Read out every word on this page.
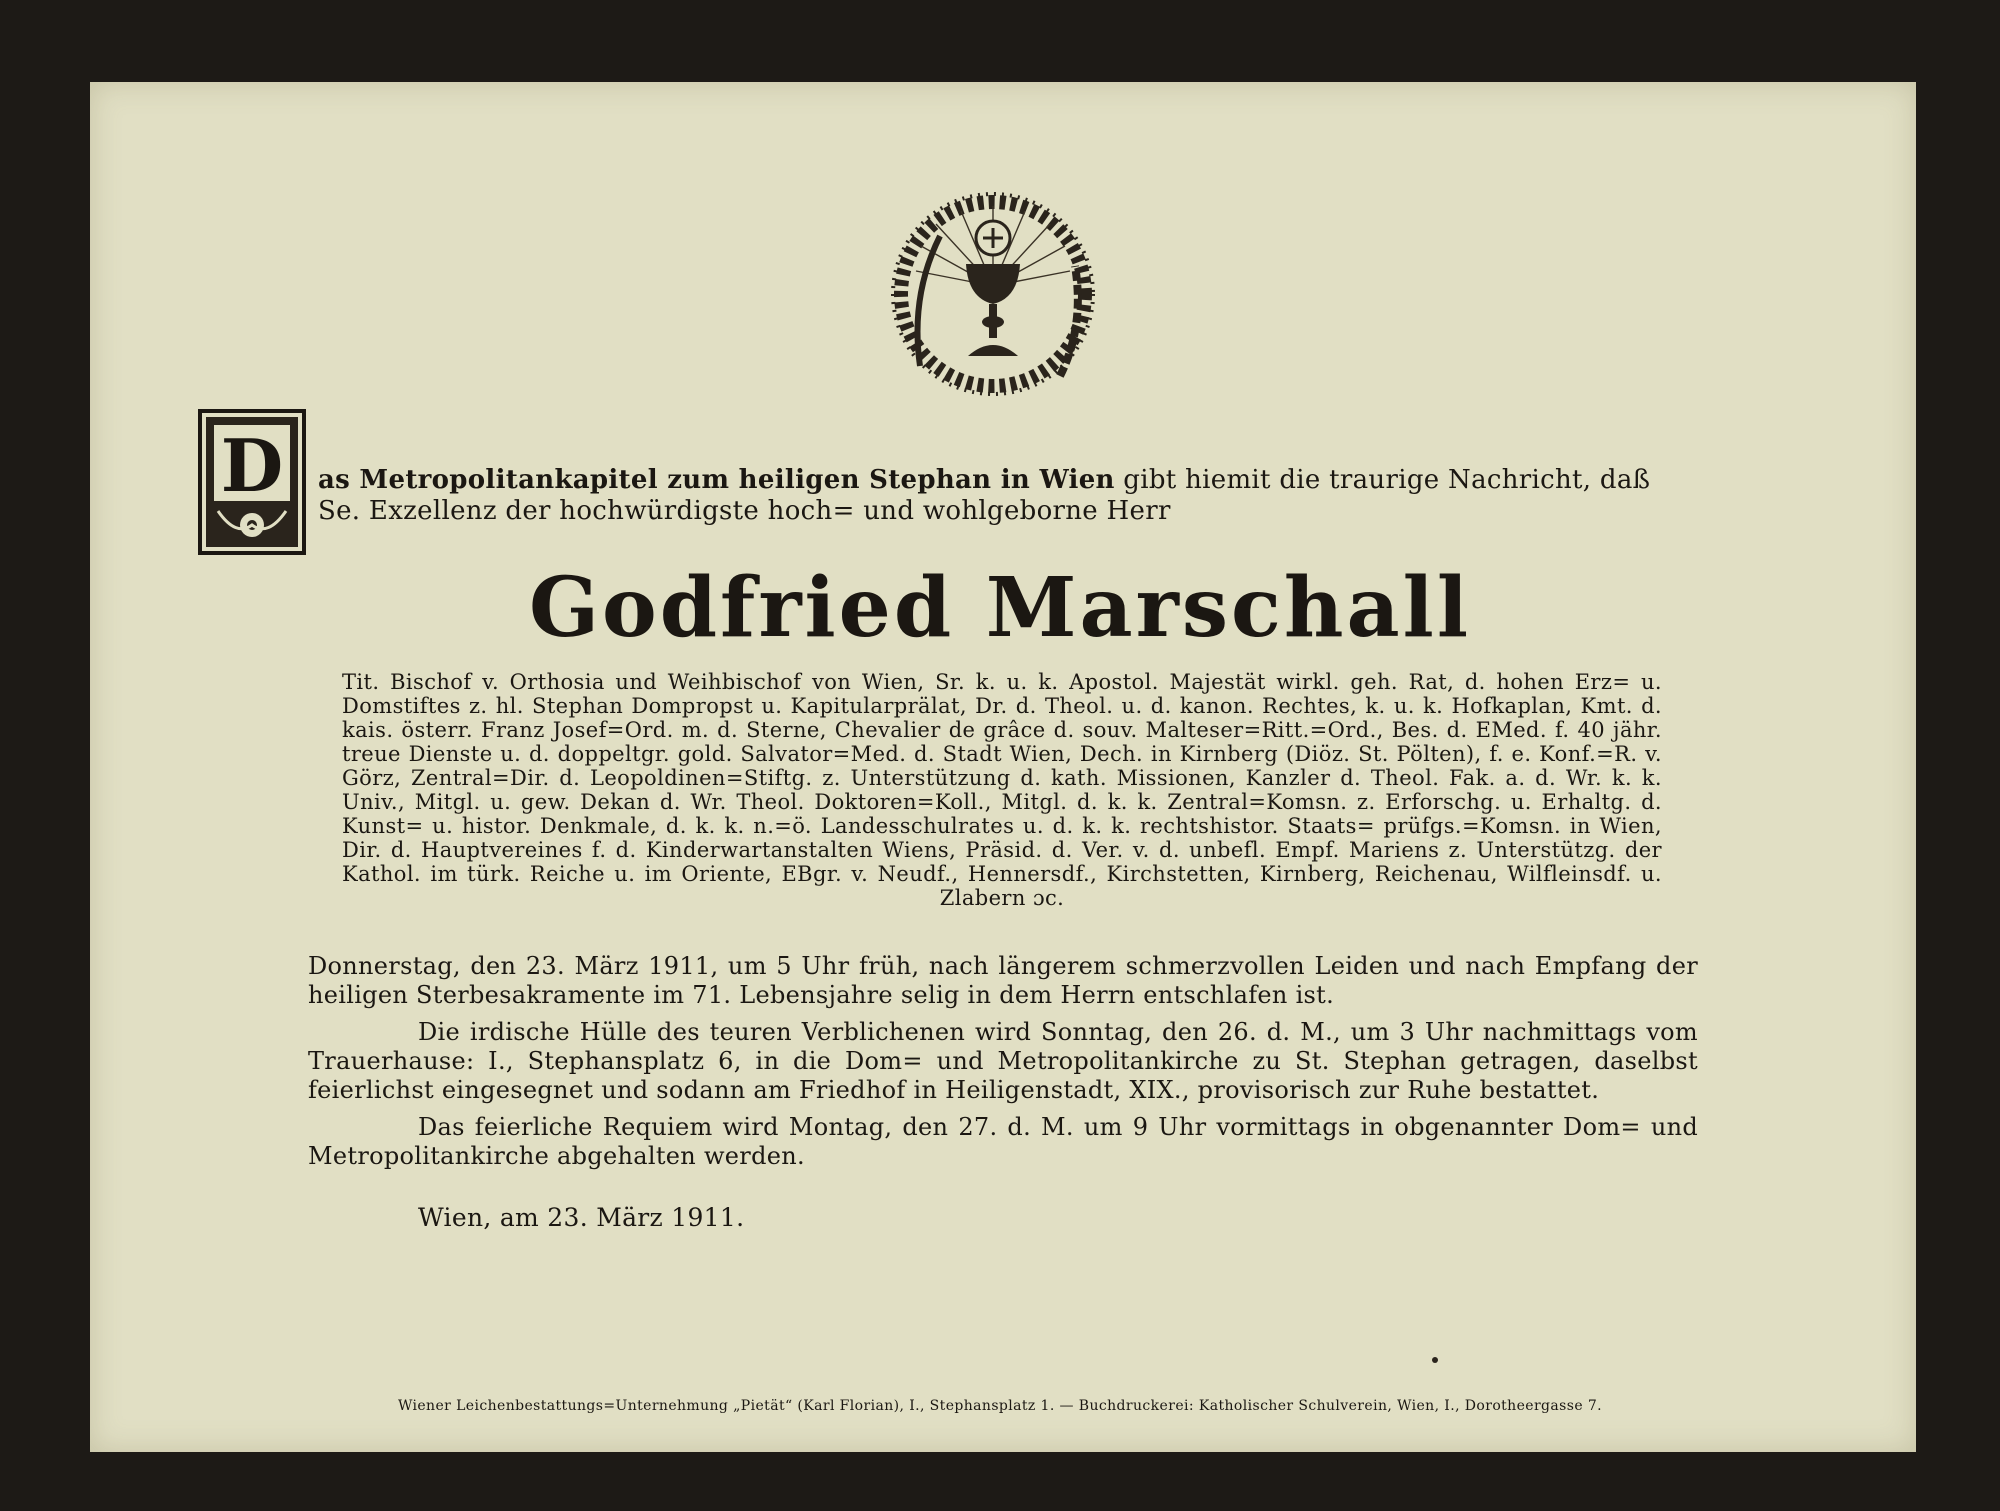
D as Metropolitankapitel zum heiligen Stephan in Wien gibt hiemit die traurige Nachricht, daß Se. Exzellenz der hochwürdigste hoch= und wohlgeborne Herr
Godfried Marschall
Tit. Bischof v. Orthosia und Weihbischof von Wien, Sr. k. u. k. Apostol. Majestät wirkl. geh. Rat, d. hohen Erz= u. Domstiftes z. hl. Stephan Dompropst u. Kapitularprälat, Dr. d. Theol. u. d. kanon. Rechtes, k. u. k. Hofkaplan, Kmt. d. kais. österr. Franz Josef=Ord. m. d. Sterne, Chevalier de grâce d. souv. Malteser=Ritt.=Ord., Bes. d. EMed. f. 40 jähr. treue Dienste u. d. doppeltgr. gold. Salvator=Med. d. Stadt Wien, Dech. in Kirnberg (Diöz. St. Pölten), f. e. Konf.=R. v. Görz, Zentral=Dir. d. Leopoldinen=Stiftg. z. Unterstützung d. kath. Missionen, Kanzler d. Theol. Fak. a. d. Wr. k. k. Univ., Mitgl. u. gew. Dekan d. Wr. Theol. Doktoren=Koll., Mitgl. d. k. k. Zentral=Komsn. z. Erforschg. u. Erhaltg. d. Kunst= u. histor. Denkmale, d. k. k. n.=ö. Landesschulrates u. d. k. k. rechtshistor. Staats= prüfgs.=Komsn. in Wien, Dir. d. Hauptvereines f. d. Kinderwartanstalten Wiens, Präsid. d. Ver. v. d. unbefl. Empf. Mariens z. Unterstützg. der Kathol. im türk. Reiche u. im Oriente, EBgr. v. Neudf., Hennersdf., Kirchstetten, Kirnberg, Reichenau, Wilfleinsdf. u. Zlabern ɔc.

Donnerstag, den 23. März 1911, um 5 Uhr früh, nach längerem schmerzvollen Leiden und nach Empfang der heiligen Sterbesakramente im 71. Lebensjahre selig in dem Herrn entschlafen ist.

Die irdische Hülle des teuren Verblichenen wird Sonntag, den 26. d. M., um 3 Uhr nachmittags vom Trauerhause: I., Stephansplatz 6, in die Dom= und Metropolitankirche zu St. Stephan getragen, daselbst feierlichst eingesegnet und sodann am Friedhof in Heiligenstadt, XIX., provisorisch zur Ruhe bestattet.

Das feierliche Requiem wird Montag, den 27. d. M. um 9 Uhr vormittags in obgenannter Dom= und Metropolitankirche abgehalten werden.

Wien, am 23. März 1911.
Wiener Leichenbestattungs=Unternehmung „Pietät“ (Karl Florian), I., Stephansplatz 1. — Buchdruckerei: Katholischer Schulverein, Wien, I., Dorotheergasse 7.
